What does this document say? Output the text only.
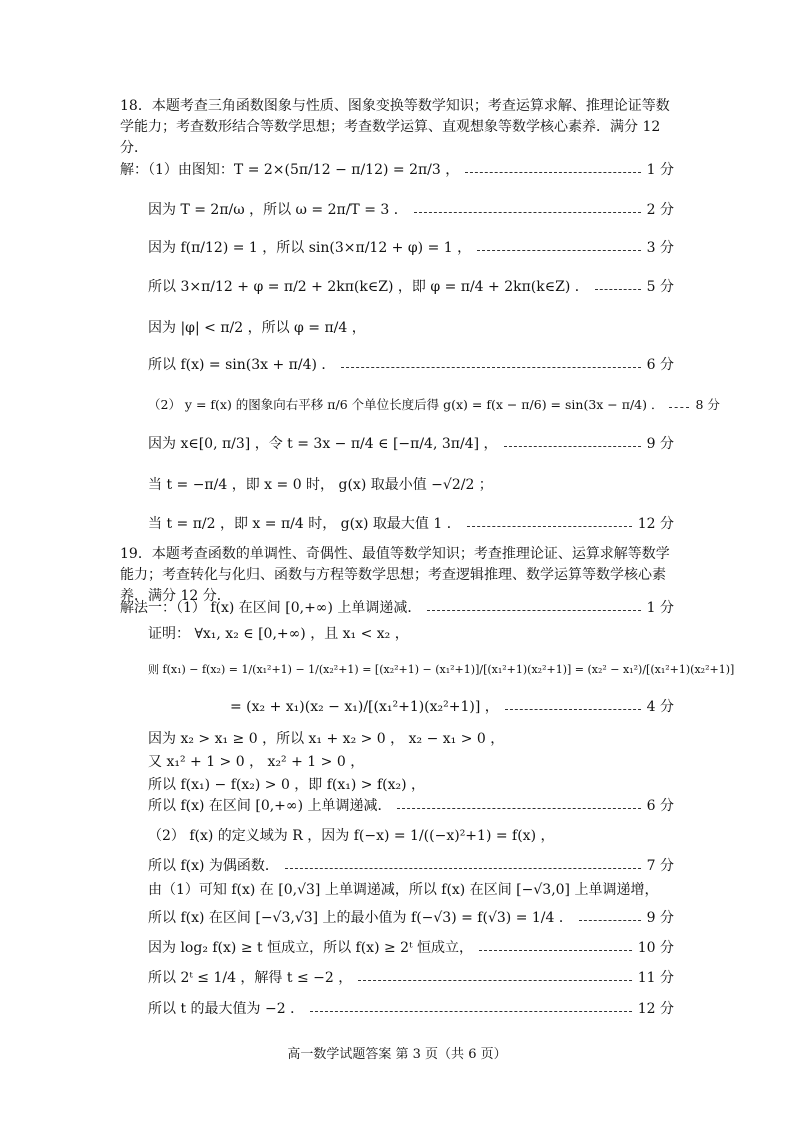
18．本题考查三角函数图象与性质、图象变换等数学知识；考查运算求解、推理论证等数学能力；考查数形结合等数学思想；考查数学运算、直观想象等数学核心素养．满分 12 分．
解：（1）由图知：T = 2×(5π/12 − π/12) = 2π/3 ，	1 分
因为 T = 2π/ω ，所以 ω = 2π/T = 3 ．	2 分
因为 f(π/12) = 1 ，所以 sin(3×π/12 + φ) = 1 ，	3 分
所以 3×π/12 + φ = π/2 + 2kπ(k∈Z) ，即 φ = π/4 + 2kπ(k∈Z) ．	5 分
因为 |φ| < π/2 ，所以 φ = π/4 ，
所以 f(x) = sin(3x + π/4) ．	6 分
（2） y = f(x) 的图象向右平移 π/6 个单位长度后得 g(x) = f(x − π/6) = sin(3x − π/4) ．	8 分
因为 x∈[0, π/3] ，令 t = 3x − π/4 ∈ [−π/4, 3π/4] ，	9 分
当 t = −π/4 ，即 x = 0 时， g(x) 取最小值 −√2/2 ；
当 t = π/2 ，即 x = π/4 时， g(x) 取最大值 1 ．	12 分
19．本题考查函数的单调性、奇偶性、最值等数学知识；考查推理论证、运算求解等数学能力；考查转化与化归、函数与方程等数学思想；考查逻辑推理、数学运算等数学核心素养．满分 12 分．
解法一：（1） f(x) 在区间 [0,+∞) 上单调递减．	1 分
证明： ∀x₁, x₂ ∈ [0,+∞) ，且 x₁ < x₂ ，
则 f(x₁) − f(x₂) = 1/(x₁²+1) − 1/(x₂²+1) = [(x₂²+1) − (x₁²+1)]/[(x₁²+1)(x₂²+1)] = (x₂² − x₁²)/[(x₁²+1)(x₂²+1)]
= (x₂ + x₁)(x₂ − x₁)/[(x₁²+1)(x₂²+1)] ，	4 分
因为 x₂ > x₁ ≥ 0 ，所以 x₁ + x₂ > 0 ， x₂ − x₁ > 0 ，
又 x₁² + 1 > 0 ， x₂² + 1 > 0 ，
所以 f(x₁) − f(x₂) > 0 ，即 f(x₁) > f(x₂) ，
所以 f(x) 在区间 [0,+∞) 上单调递减．	6 分
（2） f(x) 的定义域为 R ，因为 f(−x) = 1/((−x)²+1) = f(x) ，
所以 f(x) 为偶函数．	7 分
由（1）可知 f(x) 在 [0,√3] 上单调递减，所以 f(x) 在区间 [−√3,0] 上单调递增，
所以 f(x) 在区间 [−√3,√3] 上的最小值为 f(−√3) = f(√3) = 1/4 ．	9 分
因为 log₂ f(x) ≥ t 恒成立，所以 f(x) ≥ 2ᵗ 恒成立，	10 分
所以 2ᵗ ≤ 1/4 ，解得 t ≤ −2 ，	11 分
所以 t 的最大值为 −2 ．	12 分
高一数学试题答案 第 3 页（共 6 页）
